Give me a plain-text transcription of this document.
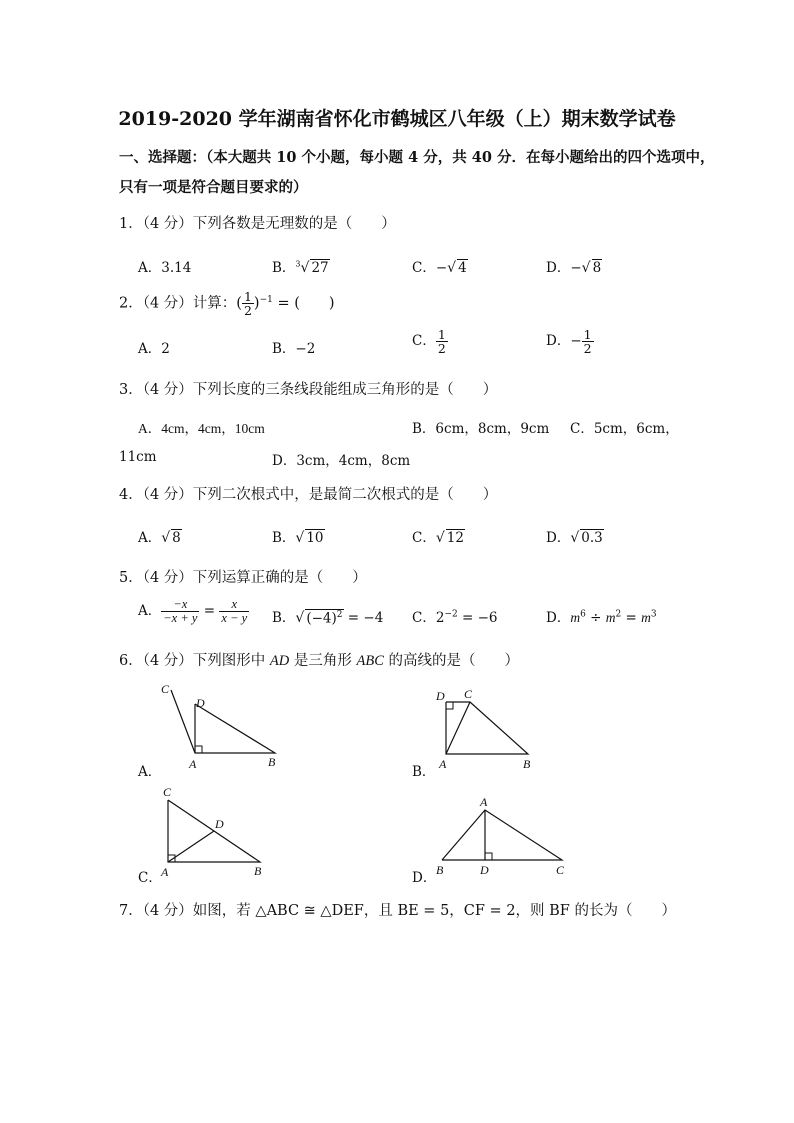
2019-2020 学年湖南省怀化市鹤城区八年级（上）期末数学试卷
一、选择题：（本大题共 10 个小题，每小题 4 分，共 40 分．在每小题给出的四个选项中，
只有一项是符合题目要求的）
1．（4 分）下列各数是无理数的是（　　）
A．3.14	B．$^3$√ 27	C．−√ 4	D．−√ 8
2．（4 分）计算：( $\frac{1}{2} )^{-1}$ = (　　)
A．2	B．−2	C． $\frac{1}{2}$	D．− $\frac{1}{2}$
3．（4 分）下列长度的三条线段能组成三角形的是（　　）
A．4cm，4cm，10cm	B．6cm，8cm，9cm C．5cm，6cm，
11cm	D．3cm，4cm，8cm
4．（4 分）下列二次根式中，是最简二次根式的是（　　）
A．√ 8	B．√ 10	C．√ 12	D．√ 0.3
5．（4 分）下列运算正确的是（　　）
A． $\frac{-x}{-x + y} = \frac{x}{x - y}$ B．√ $(-4)^2 = -4$ C．$2^{-2} = -6$	D．$m^6 \div m^2 = m^3$
6．（4 分）下列图形中 AD 是三角形 ABC 的高线的是（　　）
A．
C
D
A	B
B．
D C
A	B
C．
C
D
A	B	D．
A
B	D	C
7．（4 分）如图，若 △ABC ≅ △DEF，且 BE = 5，CF = 2，则 BF 的长为（　　）
